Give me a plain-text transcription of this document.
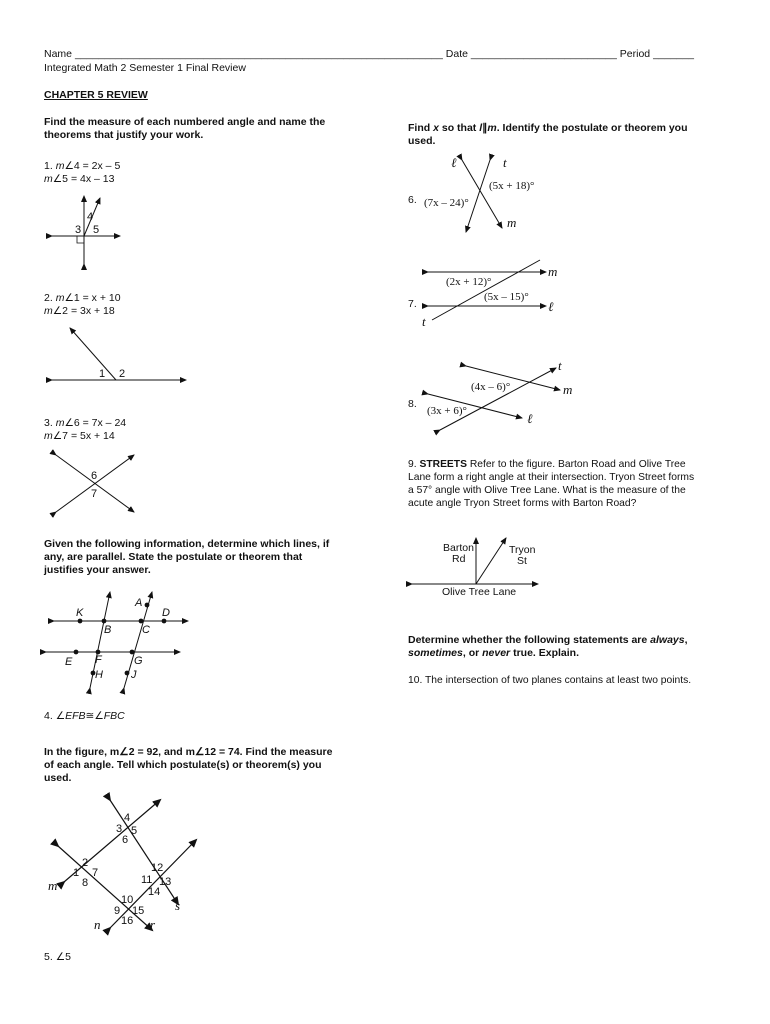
Name _______________________________________________________________ Date _________________________ Period _______
Integrated Math 2 Semester 1 Final Review
CHAPTER 5 REVIEW
Find the measure of each numbered angle and name the
theorems that justify your work.
1. m∠4 = 2x – 5
m∠5 = 4x – 13
4
3 5
2. m∠1 = x + 10
m∠2 = 3x + 18
1 2
3. m∠6 = 7x – 24
m∠7 = 5x + 14
6
7
Given the following information, determine which lines, if
any, are parallel. State the postulate or theorem that
justifies your answer.
K
A
D
B	C
E F	G
H	J
4. ∠EFB≅∠FBC
In the figure, m∠2 = 92, and m∠12 = 74. Find the measure
of each angle. Tell which postulate(s) or theorem(s) you
used.
4
3 5
6
2
1 7
8
12
11 13
14
10
9 15
16
m
n	r
s
5. ∠5
Find x so that l∥m. Identify the postulate or theorem you
used.
6.
ℓ	t
m
(7x – 24)°
(5x + 18)°
7.
m
ℓ
t
(2x + 12)°
(5x – 15)°
8.
t
m
ℓ
(4x – 6)°
(3x + 6)°
9. STREETS Refer to the figure. Barton Road and Olive Tree
Lane form a right angle at their intersection. Tryon Street forms
a 57° angle with Olive Tree Lane. What is the measure of the
acute angle Tryon Street forms with Barton Road?
Barton
Rd
Tryon
St
Olive Tree Lane
Determine whether the following statements are always,
sometimes, or never true. Explain.
10. The intersection of two planes contains at least two points.
